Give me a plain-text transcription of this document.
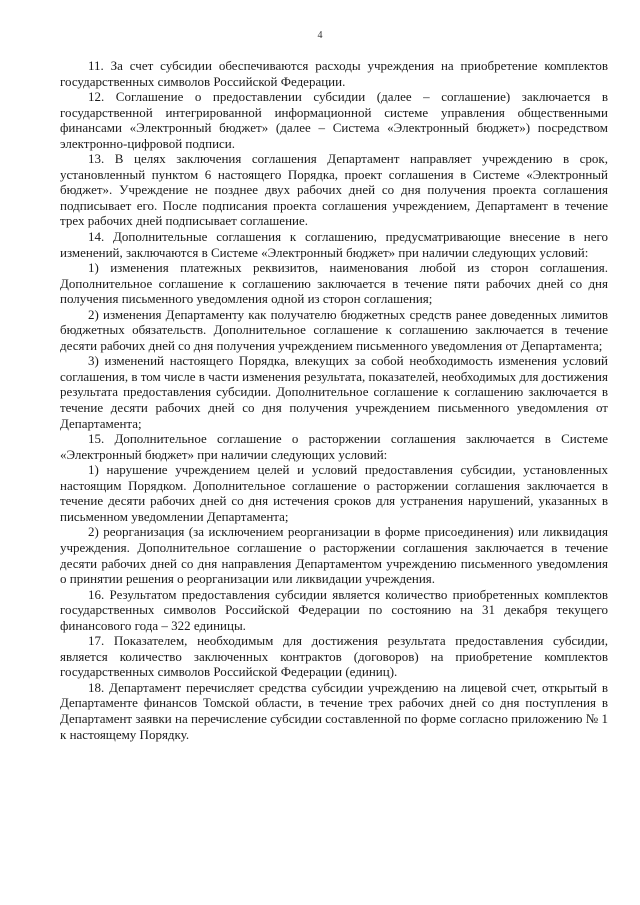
4

11. За счет субсидии обеспечиваются расходы учреждения на приобретение комплектов государственных символов Российской Федерации.

12. Соглашение о предоставлении субсидии (далее – соглашение) заключается в государственной интегрированной информационной системе управления общественными финансами «Электронный бюджет» (далее – Система «Электронный бюджет») посредством электронно-цифровой подписи.

13. В целях заключения соглашения Департамент направляет учреждению в срок, установленный пунктом 6 настоящего Порядка, проект соглашения в Системе «Электронный бюджет». Учреждение не позднее двух рабочих дней со дня получения проекта соглашения подписывает его. После подписания проекта соглашения учреждением, Департамент в течение трех рабочих дней подписывает соглашение.

14. Дополнительные соглашения к соглашению, предусматривающие внесение в него изменений, заключаются в Системе «Электронный бюджет» при наличии следующих условий:

1) изменения платежных реквизитов, наименования любой из сторон соглашения. Дополнительное соглашение к соглашению заключается в течение пяти рабочих дней со дня получения письменного уведомления одной из сторон соглашения;

2) изменения Департаменту как получателю бюджетных средств ранее доведенных лимитов бюджетных обязательств. Дополнительное соглашение к соглашению заключается в течение десяти рабочих дней со дня получения учреждением письменного уведомления от Департамента;

3) изменений настоящего Порядка, влекущих за собой необходимость изменения условий соглашения, в том числе в части изменения результата, показателей, необходимых для достижения результата предоставления субсидии. Дополнительное соглашение к соглашению заключается в течение десяти рабочих дней со дня получения учреждением письменного уведомления от Департамента;

15. Дополнительное соглашение о расторжении соглашения заключается в Системе «Электронный бюджет» при наличии следующих условий:

1) нарушение учреждением целей и условий предоставления субсидии, установленных настоящим Порядком. Дополнительное соглашение о расторжении соглашения заключается в течение десяти рабочих дней со дня истечения сроков для устранения нарушений, указанных в письменном уведомлении Департамента;

2) реорганизация (за исключением реорганизации в форме присоединения) или ликвидация учреждения. Дополнительное соглашение о расторжении соглашения заключается в течение десяти рабочих дней со дня направления Департаментом учреждению письменного уведомления о принятии решения о реорганизации или ликвидации учреждения.

16. Результатом предоставления субсидии является количество приобретенных комплектов государственных символов Российской Федерации по состоянию на 31 декабря текущего финансового года – 322 единицы.

17. Показателем, необходимым для достижения результата предоставления субсидии, является количество заключенных контрактов (договоров) на приобретение комплектов государственных символов Российской Федерации (единиц).

18. Департамент перечисляет средства субсидии учреждению на лицевой счет, открытый в Департаменте финансов Томской области, в течение трех рабочих дней со дня поступления в Департамент заявки на перечисление субсидии составленной по форме согласно приложению № 1 к настоящему Порядку.
